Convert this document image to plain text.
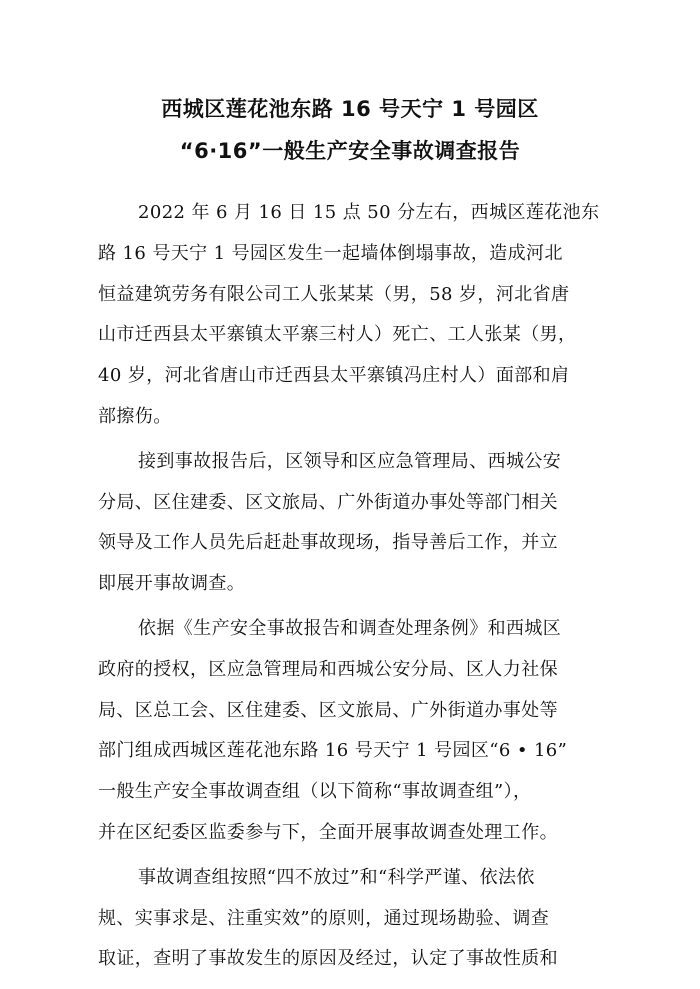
西城区莲花池东路 16 号天宁 1 号园区
“6·16”一般生产安全事故调查报告
2022 年 6 月 16 日 15 点 50 分左右，西城区莲花池东
路 16 号天宁 1 号园区发生一起墙体倒塌事故，造成河北
恒益建筑劳务有限公司工人张某某（男，58 岁，河北省唐
山市迁西县太平寨镇太平寨三村人）死亡、工人张某（男，
40 岁，河北省唐山市迁西县太平寨镇冯庄村人）面部和肩
部擦伤。
接到事故报告后，区领导和区应急管理局、西城公安
分局、区住建委、区文旅局、广外街道办事处等部门相关
领导及工作人员先后赶赴事故现场，指导善后工作，并立
即展开事故调查。
依据《生产安全事故报告和调查处理条例》和西城区
政府的授权，区应急管理局和西城公安分局、区人力社保
局、区总工会、区住建委、区文旅局、广外街道办事处等
部门组成西城区莲花池东路 16 号天宁 1 号园区“6 • 16”
一般生产安全事故调查组（以下简称“事故调查组”），
并在区纪委区监委参与下，全面开展事故调查处理工作。
事故调查组按照“四不放过”和“科学严谨、依法依
规、实事求是、注重实效”的原则，通过现场勘验、调查
取证，查明了事故发生的原因及经过，认定了事故性质和
